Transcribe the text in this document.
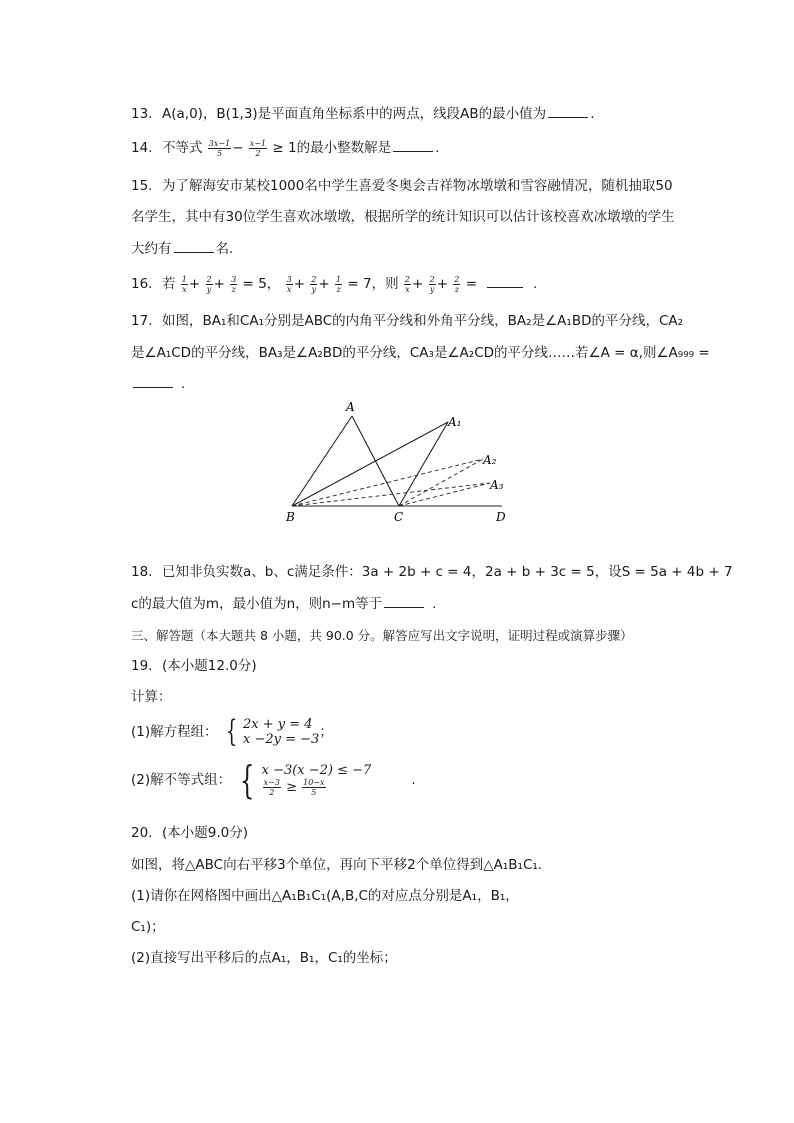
13. A(a,0)，B(1,3)是平面直角坐标系中的两点，线段AB的最小值为	.
14. 不等式 $\frac{3x-1}{5} - \frac{x-1}{2} \ge 1$的最小整数解是	.
15. 为了解海安市某校1000名中学生喜爱冬奥会吉祥物冰墩墩和雪容融情况，随机抽取50
名学生，其中有30位学生喜欢冰墩墩，根据所学的统计知识可以估计该校喜欢冰墩墩的学生
大约有	名.
16. 若 $\frac{1}{x} + \frac{2}{y} + \frac{3}{z} = 5$， $\frac{3}{x} + \frac{2}{y} + \frac{1}{z} = 7$，则 $\frac{2}{x} + \frac{2}{y} + \frac{2}{z}$ =	.
17. 如图，BA₁和CA₁分别是ABC的内角平分线和外角平分线，BA₂是∠A₁BD的平分线，CA₂
是∠A₁CD的平分线，BA₃是∠A₂BD的平分线，CA₃是∠A₂CD的平分线……若∠A = α,则∠A₉₉₉ =
.
A
A₁
A₂
A₃
B	C	D
18. 已知非负实数a、b、c满足条件：3a + 2b + c = 4，2a + b + 3c = 5，设S = 5a + 4b + 7
c的最大值为m，最小值为n，则n−m等于	.
三、解答题（本大题共 8 小题，共 90.0 分。解答应写出文字说明，证明过程或演算步骤）
19. (本小题12.0分)
计算：
(1)解方程组： { 2x + y = 4
x −2y = −3 ；
(2)解不等式组： { x −3(x −2) ≤ −7
$\frac{x-3}{2} \ge \frac{10-x}{5}$	.
20. (本小题9.0分)
如图，将△ABC向右平移3个单位，再向下平移2个单位得到△A₁B₁C₁.
(1)请你在网格图中画出△A₁B₁C₁(A,B,C的对应点分别是A₁，B₁，
C₁)；
(2)直接写出平移后的点A₁，B₁，C₁的坐标；
